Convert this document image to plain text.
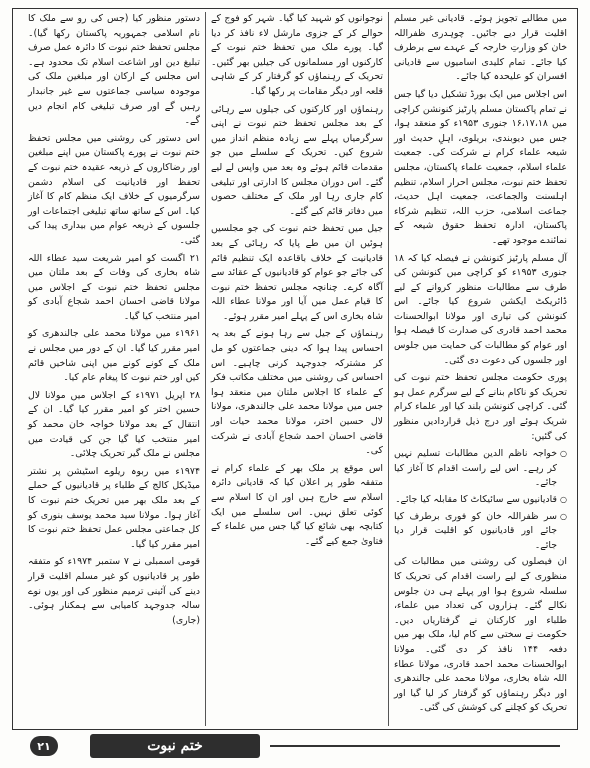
میں مطالبے تجویز ہوئے۔ قادیانی غیر مسلم اقلیت قرار دیے جائیں۔ چوہدری ظفراللہ خان کو وزارتِ خارجہ کے عہدے سے برطرف کیا جائے۔ تمام کلیدی اسامیوں سے قادیانی افسران کو علیحدہ کیا جائے۔

اس اجلاس میں ایک بورڈ تشکیل دیا گیا جس نے تمام پاکستان مسلم پارٹیز کنونشن کراچی میں ۱۶،۱۷،۱۸ جنوری ۱۹۵۳ء کو منعقد ہوا، جس میں دیوبندی، بریلوی، اہلِ حدیث اور شیعہ علماء کرام نے شرکت کی۔ جمعیت علماء اسلام، جمعیت علماء پاکستان، مجلس تحفظ ختم نبوت، مجلس احرار اسلام، تنظیم اہلسنت والجماعت، جمعیت اہل حدیث، جماعت اسلامی، حزب اللہ، تنظیم شرکاء پاکستان، ادارہ تحفظ حقوق شیعہ کے نمائندے موجود تھے۔

آل مسلم پارٹیز کنونشن نے فیصلہ کیا کہ ۱۸ جنوری ۱۹۵۳ء کو کراچی میں کنونشن کی طرف سے مطالبات منظور کروانے کے لیے ڈائریکٹ ایکشن شروع کیا جائے۔ اس کنونشن کی تیاری اور مولانا ابوالحسنات محمد احمد قادری کی صدارت کا فیصلہ ہوا اور عوام کو مطالبات کی حمایت میں جلوس اور جلسوں کی دعوت دی گئی۔

پوری حکومت مجلس تحفظ ختم نبوت کی تحریک کو ناکام بنانے کے لیے سرگرم عمل ہو گئی۔ کراچی کنونشن بلند کیا اور علماء کرام شریک ہوئے اور درج ذیل قراردادیں منظور کی گئیں:

○ خواجہ ناظم الدین مطالبات تسلیم نہیں کر رہے۔ اس لیے راست اقدام کا آغاز کیا جائے۔
○ قادیانیوں سے سائیکاٹ کا مقابلہ کیا جائے۔
○ سر ظفراللہ خان کو فوری برطرف کیا جائے اور قادیانیوں کو اقلیت قرار دیا جائے۔

ان فیصلوں کی روشنی میں مطالبات کی منظوری کے لیے راست اقدام کی تحریک کا سلسلہ شروع ہوا اور پہلے ہی دن جلوس نکالے گئے۔ ہزاروں کی تعداد میں علماء، طلباء اور کارکنان نے گرفتاریاں دیں۔ حکومت نے سختی سے کام لیا، ملک بھر میں دفعہ ۱۴۴ نافذ کر دی گئی۔ مولانا ابوالحسنات محمد احمد قادری، مولانا عطاء اللہ شاہ بخاری، مولانا محمد علی جالندھری اور دیگر رہنماؤں کو گرفتار کر لیا گیا اور تحریک کو کچلنے کی کوشش کی گئی۔

نوجوانوں کو شہید کیا گیا۔ شہر کو فوج کے حوالے کر کے جزوی مارشل لاء نافذ کر دیا گیا۔ پورے ملک میں تحفظ ختم نبوت کے کارکنوں اور مسلمانوں کی جیلیں بھر گئیں۔ تحریک کے رہنماؤں کو گرفتار کر کے شاہی قلعہ اور دیگر مقامات پر رکھا گیا۔

رہنماؤں اور کارکنوں کی جیلوں سے رہائی کے بعد مجلس تحفظ ختم نبوت نے اپنی سرگرمیاں پہلے سے زیادہ منظم انداز میں شروع کیں۔ تحریک کے سلسلے میں جو مقدمات قائم ہوئے وہ بعد میں واپس لے لیے گئے۔ اس دوران مجلس کا ادارتی اور تبلیغی کام جاری رہا اور ملک کے مختلف حصوں میں دفاتر قائم کیے گئے۔

جیل میں تحفظ ختم نبوت کی جو مجلسیں ہوئیں ان میں طے پایا کہ رہائی کے بعد قادیانیت کے خلاف باقاعدہ ایک تنظیم قائم کی جائے جو عوام کو قادیانیوں کے عقائد سے آگاہ کرے۔ چنانچہ مجلس تحفظ ختم نبوت کا قیام عمل میں آیا اور مولانا عطاء اللہ شاہ بخاری اس کے پہلے امیر مقرر ہوئے۔

رہنماؤں کے جیل سے رہا ہونے کے بعد یہ احساس پیدا ہوا کہ دینی جماعتوں کو مل کر مشترکہ جدوجہد کرنی چاہیے۔ اس احساس کی روشنی میں مختلف مکاتب فکر کے علماء کا اجلاس ملتان میں منعقد ہوا جس میں مولانا محمد علی جالندھری، مولانا لال حسین اختر، مولانا محمد حیات اور قاضی احسان احمد شجاع آبادی نے شرکت کی۔

اس موقع پر ملک بھر کے علماء کرام نے متفقہ طور پر اعلان کیا کہ قادیانی دائرہ اسلام سے خارج ہیں اور ان کا اسلام سے کوئی تعلق نہیں۔ اس سلسلے میں ایک کتابچہ بھی شائع کیا گیا جس میں علماء کے فتاویٰ جمع کیے گئے۔

دستور منظور کیا (جس کی رو سے ملک کا نام اسلامی جمہوریہ پاکستان رکھا گیا)۔ مجلس تحفظ ختم نبوت کا دائرہ عمل صرف تبلیغ دین اور اشاعت اسلام تک محدود ہے۔ اس مجلس کے ارکان اور مبلغین ملک کی موجودہ سیاسی جماعتوں سے غیر جانبدار رہیں گے اور صرف تبلیغی کام انجام دیں گے۔

اس دستور کی روشنی میں مجلس تحفظ ختم نبوت نے پورے پاکستان میں اپنے مبلغین اور رضاکاروں کے ذریعہ عقیدہ ختم نبوت کے تحفظ اور قادیانیت کی اسلام دشمن سرگرمیوں کے خلاف ایک منظم کام کا آغاز کیا۔ اس کے ساتھ ساتھ تبلیغی اجتماعات اور جلسوں کے ذریعہ عوام میں بیداری پیدا کی گئی۔

۲۱ اگست کو امیر شریعت سید عطاء اللہ شاہ بخاری کی وفات کے بعد ملتان میں مجلس تحفظ ختم نبوت کے اجلاس میں مولانا قاضی احسان احمد شجاع آبادی کو امیر منتخب کیا گیا۔

۱۹۶۱ء میں مولانا محمد علی جالندھری کو امیر مقرر کیا گیا۔ ان کے دور میں مجلس نے ملک کے کونے کونے میں اپنی شاخیں قائم کیں اور ختم نبوت کا پیغام عام کیا۔

۲۸ اپریل ۱۹۷۱ء کے اجلاس میں مولانا لال حسین اختر کو امیر مقرر کیا گیا۔ ان کے انتقال کے بعد مولانا خواجہ خان محمد کو امیر منتخب کیا گیا جن کی قیادت میں مجلس نے ملک گیر تحریک چلائی۔

۱۹۷۴ء میں ربوہ ریلوے اسٹیشن پر نشتر میڈیکل کالج کے طلباء پر قادیانیوں کے حملے کے بعد ملک بھر میں تحریک ختم نبوت کا آغاز ہوا۔ مولانا سید محمد یوسف بنوری کو کل جماعتی مجلس عمل تحفظ ختم نبوت کا امیر مقرر کیا گیا۔

قومی اسمبلی نے ۷ ستمبر ۱۹۷۴ء کو متفقہ طور پر قادیانیوں کو غیر مسلم اقلیت قرار دینے کی آئینی ترمیم منظور کی اور یوں نوے سالہ جدوجہد کامیابی سے ہمکنار ہوئی۔ (جاری)

۲۱	ختم نبوت
